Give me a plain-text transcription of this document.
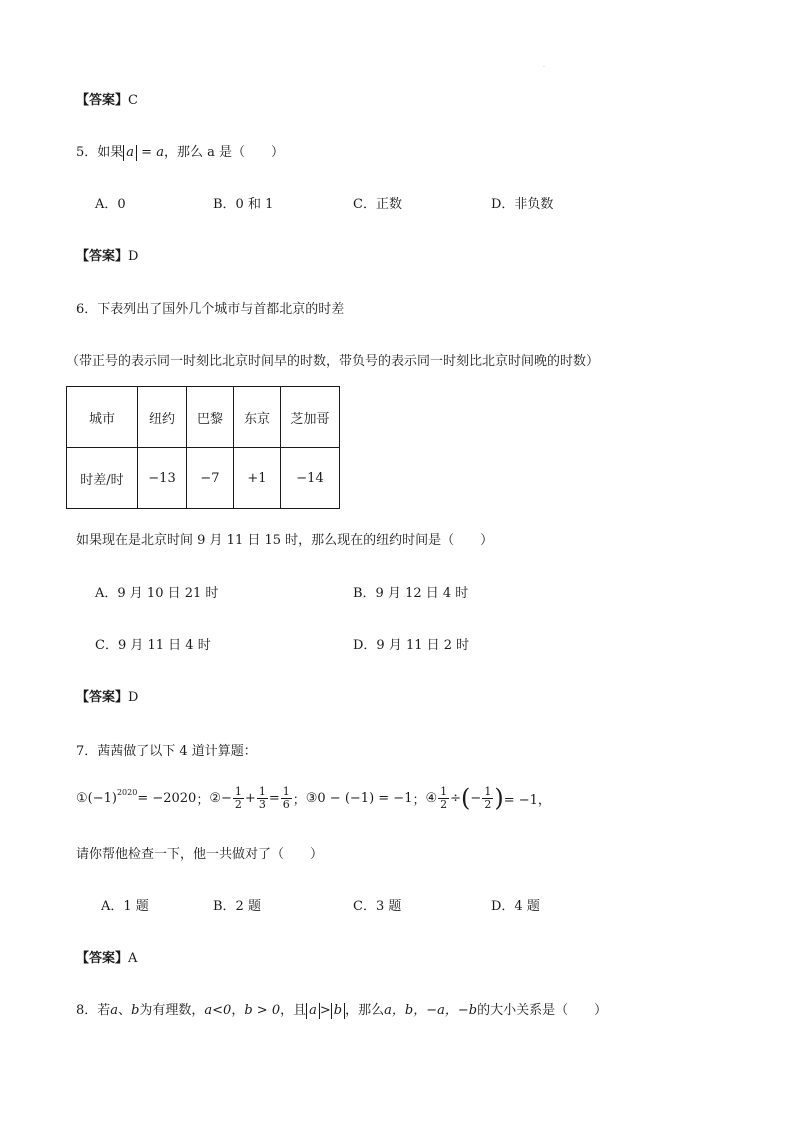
·
【答案】C
5．如果 a = a，那么 a 是（　　）
A．0	B．0 和 1	C．正数	D．非负数
【答案】D
6．下表列出了国外几个城市与首都北京的时差
（带正号的表示同一时刻比北京时间早的时数，带负号的表示同一时刻比北京时间晚的时数）
城市	纽约	巴黎	东京	芝加哥
时差/时	−13	−7	+1	−14
如果现在是北京时间 9 月 11 日 15 时，那么现在的纽约时间是（　　）
A．9 月 10 日 21 时	B．9 月 12 日 4 时
C．9 月 11 日 4 时	D．9 月 11 日 2 时
【答案】D
7．茜茜做了以下 4 道计算题：
① $(-1)^{2020} = -2020$ ； ② − $\frac{1}{2} + \frac{1}{3} = \frac{1}{6}$ ； ③0 − (−1) = −1 ； ④ $\frac{1}{2}$ ÷ ( − $\frac{1}{2}$ ) = −1，
请你帮他检查一下，他一共做对了（　　）
A．1 题	B．2 题	C．3 题	D．4 题
【答案】A
8．若a、b为有理数，a<0，b > 0，且 a > b ，那么a，b，−a，−b的大小关系是（　　）
